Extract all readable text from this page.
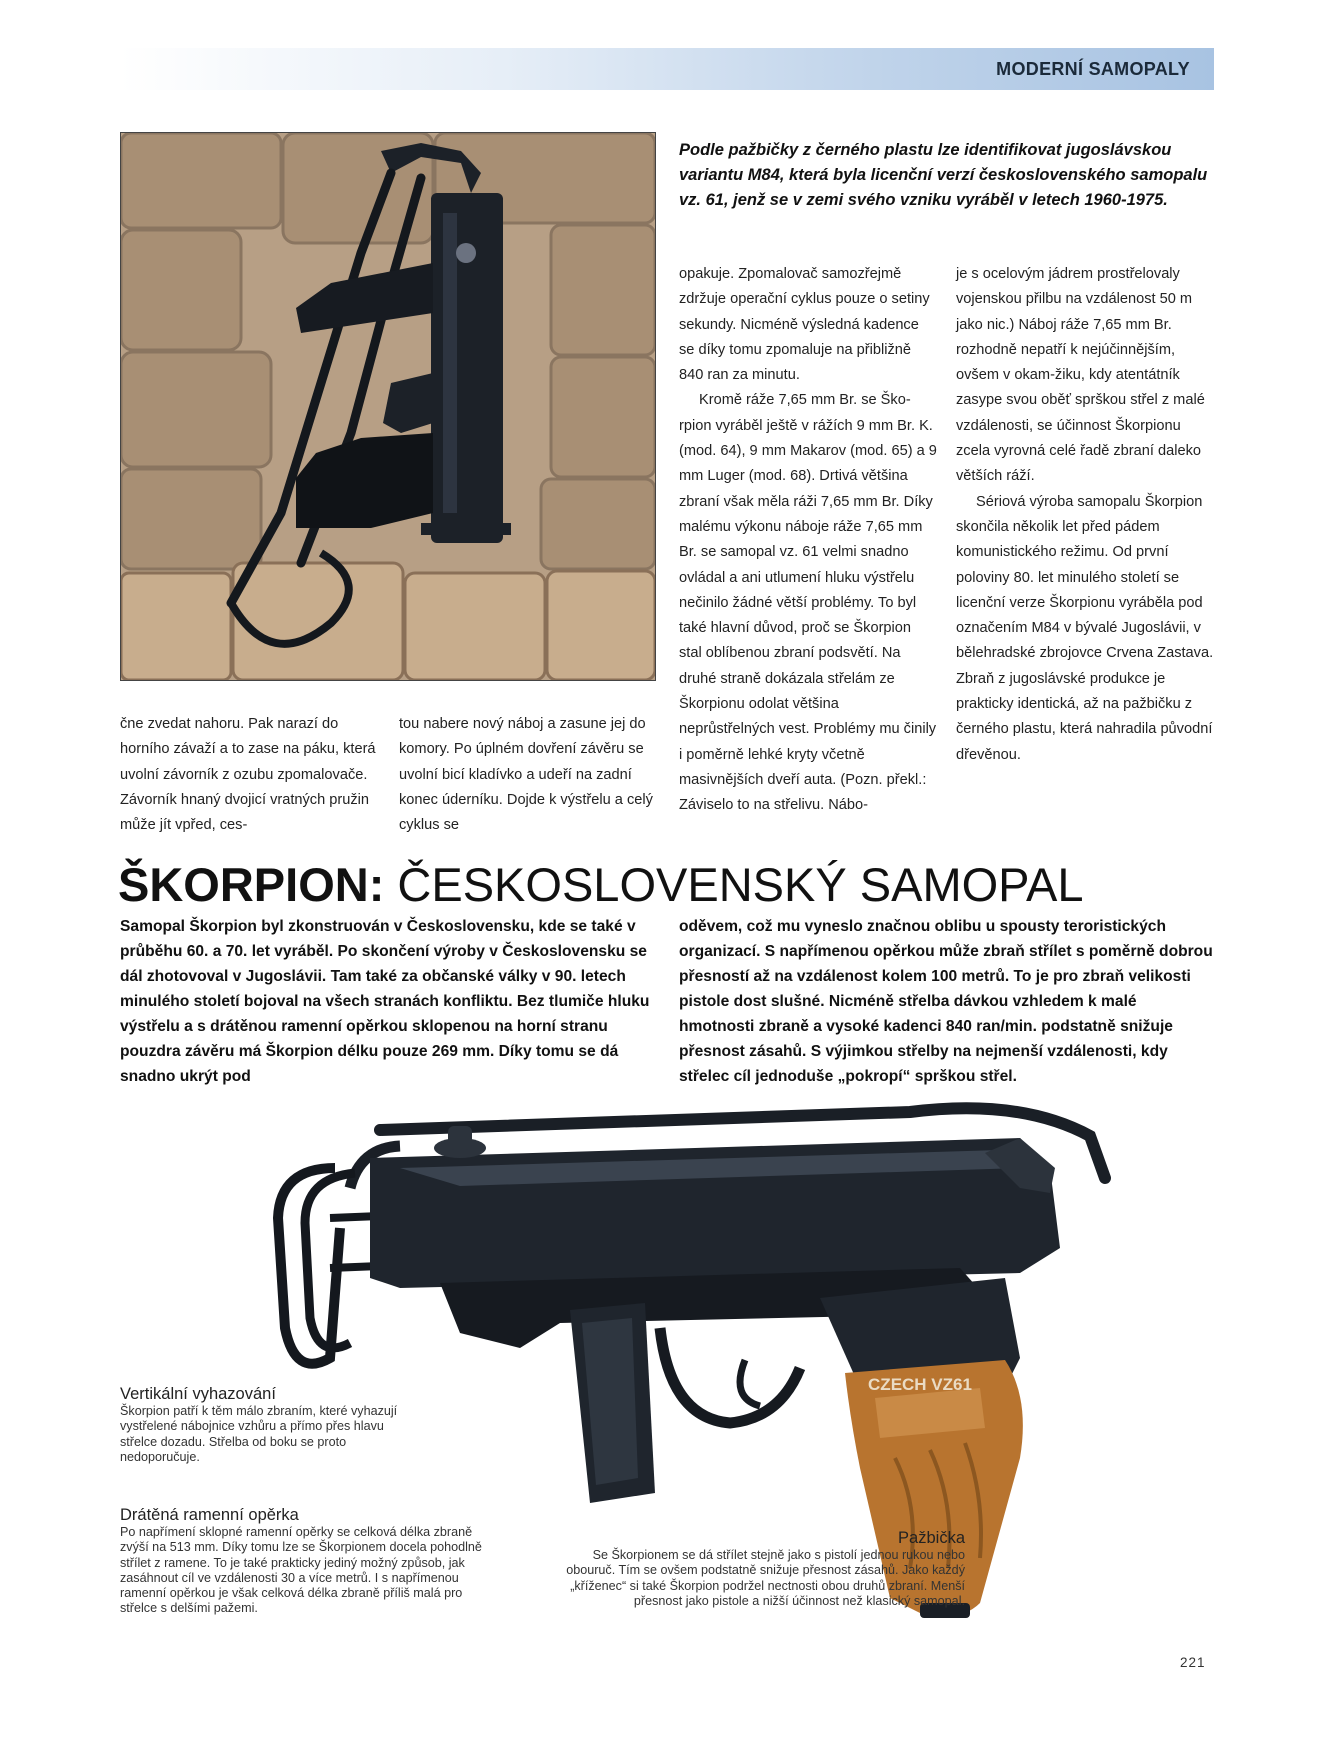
MODERNÍ SAMOPALY

Podle pažbičky z černého plastu lze identifikovat jugoslávskou variantu M84, která byla licenční verzí československého samopalu vz. 61, jenž se v zemi svého vzniku vyráběl v letech 1960-1975.

opakuje. Zpomalovač samozřejmě zdržuje operační cyklus pouze o setiny sekundy. Nicméně výsledná kadence se díky tomu zpomaluje na přibližně 840 ran za minutu.

Kromě ráže 7,65 mm Br. se Škorpion vyráběl ještě v rážích 9 mm Br. K. (mod. 64), 9 mm Makarov (mod. 65) a 9 mm Luger (mod. 68). Drtivá většina zbraní však měla ráži 7,65 mm Br. Díky malému výkonu náboje ráže 7,65 mm Br. se samopal vz. 61 velmi snadno ovládal a ani utlumení hluku výstřelu nečinilo žádné větší problémy. To byl také hlavní důvod, proč se Škorpion stal oblíbenou zbraní podsvětí. Na druhé straně dokázala střelám ze Škorpionu odolat většina neprůstřelných vest. Problémy mu činily i poměrně lehké kryty včetně masivnějších dveří auta. (Pozn. překl.: Záviselo to na střelivu. Nábo-

je s ocelovým jádrem prostřelovaly vojenskou přilbu na vzdálenost 50 m jako nic.) Náboj ráže 7,65 mm Br. rozhodně nepatří k nejúčinnějším, ovšem v okam-žiku, kdy atentátník zasype svou oběť sprškou střel z malé vzdálenosti, se účinnost Škorpionu zcela vyrovná celé řadě zbraní daleko větších ráží.

Sériová výroba samopalu Škorpion skončila několik let před pádem komunistického režimu. Od první poloviny 80. let minulého století se licenční verze Škorpionu vyráběla pod označením M84 v bývalé Jugoslávii, v bělehradské zbrojovce Crvena Zastava. Zbraň z jugoslávské produkce je prakticky identická, až na pažbičku z černého plastu, která nahradila původní dřevěnou.

čne zvedat nahoru. Pak narazí do horního závaží a to zase na páku, která uvolní závorník z ozubu zpomalovače. Závorník hnaný dvojicí vratných pružin může jít vpřed, ces-

tou nabere nový náboj a zasune jej do komory. Po úplném dovření závěru se uvolní bicí kladívko a udeří na zadní konec úderníku. Dojde k výstřelu a celý cyklus se

ŠKORPION: ČESKOSLOVENSKÝ SAMOPAL

Samopal Škorpion byl zkonstruován v Československu, kde se také v průběhu 60. a 70. let vyráběl. Po skončení výroby v Československu se dál zhotovoval v Jugoslávii. Tam také za občanské války v 90. letech minulého století bojoval na všech stranách konfliktu. Bez tlumiče hluku výstřelu a s drátěnou ramenní opěrkou sklopenou na horní stranu pouzdra závěru má Škorpion délku pouze 269 mm. Díky tomu se dá snadno ukrýt pod

oděvem, což mu vyneslo značnou oblibu u spousty teroristických organizací. S napřímenou opěrkou může zbraň střílet s poměrně dobrou přesností až na vzdálenost kolem 100 metrů. To je pro zbraň velikosti pistole dost slušné. Nicméně střelba dávkou vzhledem k malé hmotnosti zbraně a vysoké kadenci 840 ran/min. podstatně snižuje přesnost zásahů. S výjimkou střelby na nejmenší vzdálenosti, kdy střelec cíl jednoduše „pokropí“ sprškou střel.

CZECH VZ61
Vertikální vyhazování

Škorpion patří k těm málo zbraním, které vyhazují vystřelené nábojnice vzhůru a přímo přes hlavu střelce dozadu. Střelba od boku se proto nedoporučuje.

Drátěná ramenní opěrka

Po napřímení sklopné ramenní opěrky se celková délka zbraně zvýší na 513 mm. Díky tomu lze se Škorpionem docela pohodlně střílet z ramene. To je také prakticky jediný možný způsob, jak zasáhnout cíl ve vzdálenosti 30 a více metrů. I s napřímenou ramenní opěrkou je však celková délka zbraně příliš malá pro střelce s delšími pažemi.

Pažbička

Se Škorpionem se dá střílet stejně jako s pistolí jednou rukou nebo obouruč. Tím se ovšem podstatně snižuje přesnost zásahů. Jako každý „kříženec“ si také Škorpion podržel nectnosti obou druhů zbraní. Menší přesnost jako pistole a nižší účinnost než klasický samopal.

221
